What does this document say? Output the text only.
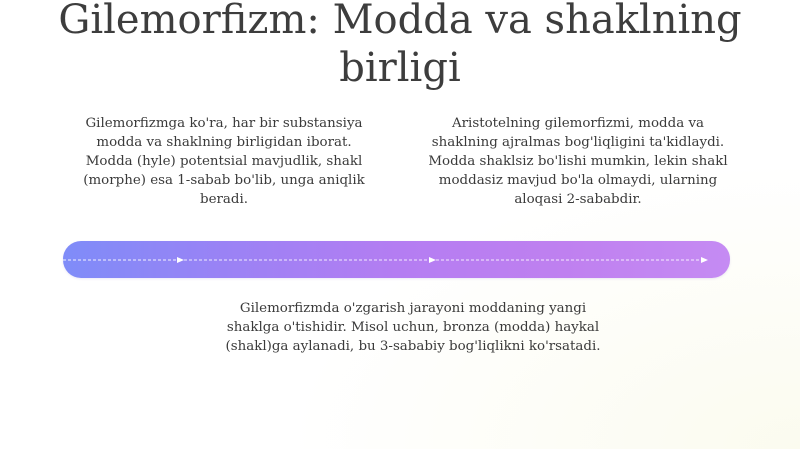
Gilemorfizm: Modda va shaklning birligi

Gilemorfizmga ko'ra, har bir substansiya modda va shaklning birligidan iborat. Modda (hyle) potentsial mavjudlik, shakl (morphe) esa 1-sabab bo'lib, unga aniqlik beradi.

Aristotelning gilemorfizmi, modda va shaklning ajralmas bog'liqligini ta'kidlaydi. Modda shaklsiz bo'lishi mumkin, lekin shakl moddasiz mavjud bo'la olmaydi, ularning aloqasi 2-sababdir.

Gilemorfizmda o'zgarish jarayoni moddaning yangi shaklga o'tishidir. Misol uchun, bronza (modda) haykal (shakl)ga aylanadi, bu 3-sababiy bog'liqlikni ko'rsatadi.
